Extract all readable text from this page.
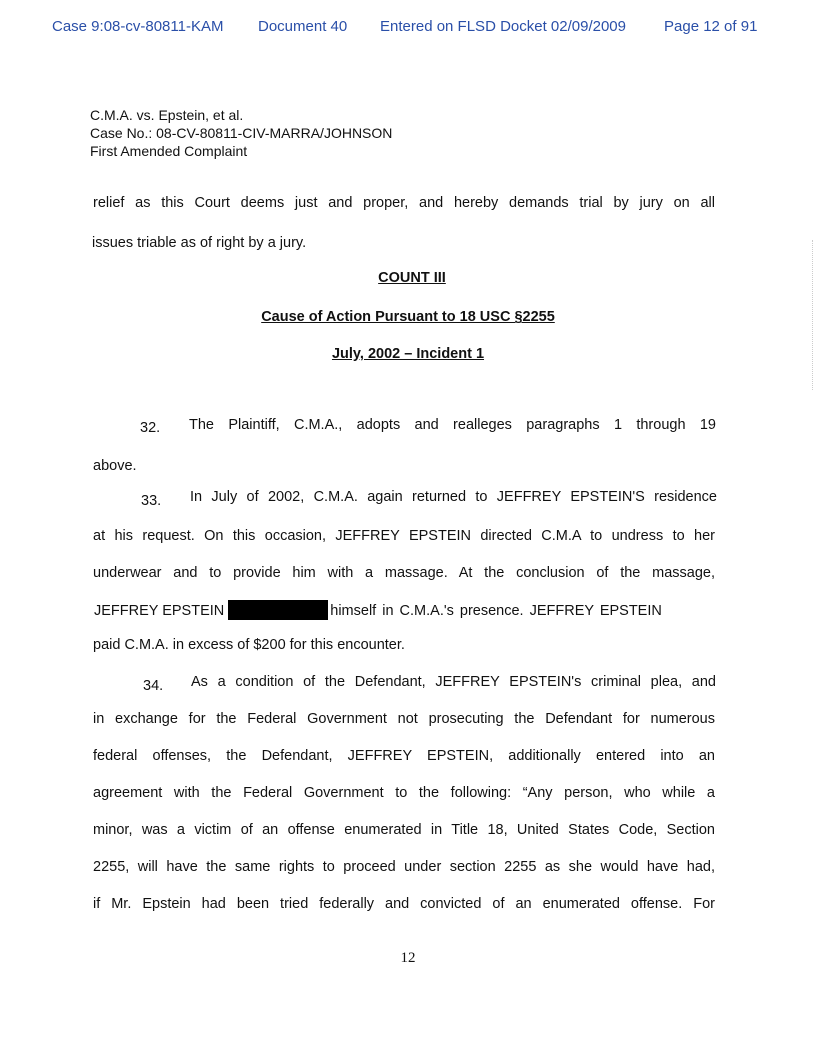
Case 9:08-cv-80811-KAM Document 40 Entered on FLSD Docket 02/09/2009	Page 12 of 91
C.M.A. vs. Epstein, et al.
Case No.: 08-CV-80811-CIV-MARRA/JOHNSON
First Amended Complaint
relief as this Court deems just and proper, and hereby demands trial by jury on all
issues triable as of right by a jury.
COUNT III
Cause of Action Pursuant to 18 USC §2255
July, 2002 – Incident 1
32. The Plaintiff, C.M.A., adopts and realleges paragraphs 1 through 19
above.
33. In July of 2002, C.M.A. again returned to JEFFREY EPSTEIN'S residence
at his request. On this occasion, JEFFREY EPSTEIN directed C.M.A to undress to her
underwear and to provide him with a massage. At the conclusion of the massage,
JEFFREY EPSTEIN	himself in C.M.A.'s presence. JEFFREY EPSTEIN
paid C.M.A. in excess of $200 for this encounter.
34. As a condition of the Defendant, JEFFREY EPSTEIN's criminal plea, and
in exchange for the Federal Government not prosecuting the Defendant for numerous
federal offenses, the Defendant, JEFFREY EPSTEIN, additionally entered into an
agreement with the Federal Government to the following: “Any person, who while a
minor, was a victim of an offense enumerated in Title 18, United States Code, Section
2255, will have the same rights to proceed under section 2255 as she would have had,
if Mr. Epstein had been tried federally and convicted of an enumerated offense. For
12
